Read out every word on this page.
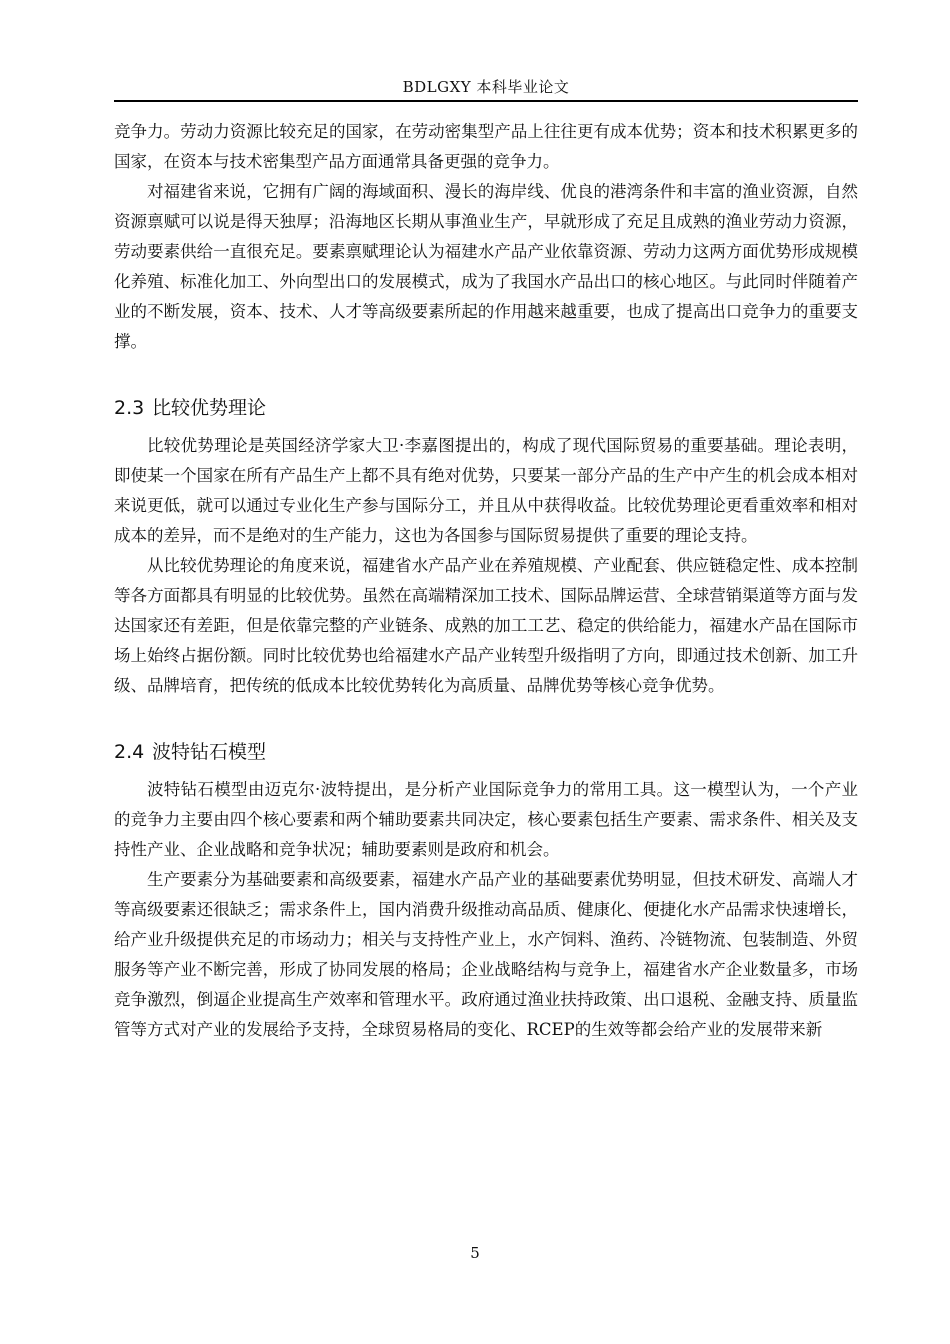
BDLGXY 本科毕业论文

竞争力。劳动力资源比较充足的国家，在劳动密集型产品上往往更有成本优势；资本和技术积累更多的国家，在资本与技术密集型产品方面通常具备更强的竞争力。

对福建省来说，它拥有广阔的海域面积、漫长的海岸线、优良的港湾条件和丰富的渔业资源，自然资源禀赋可以说是得天独厚；沿海地区长期从事渔业生产，早就形成了充足且成熟的渔业劳动力资源，劳动要素供给一直很充足。要素禀赋理论认为福建水产品产业依靠资源、劳动力这两方面优势形成规模化养殖、标准化加工、外向型出口的发展模式，成为了我国水产品出口的核心地区。与此同时伴随着产业的不断发展，资本、技术、人才等高级要素所起的作用越来越重要，也成了提高出口竞争力的重要支撑。

2.3 比较优势理论

比较优势理论是英国经济学家大卫·李嘉图提出的，构成了现代国际贸易的重要基础。理论表明，即使某一个国家在所有产品生产上都不具有绝对优势，只要某一部分产品的生产中产生的机会成本相对来说更低，就可以通过专业化生产参与国际分工，并且从中获得收益。比较优势理论更看重效率和相对成本的差异，而不是绝对的生产能力，这也为各国参与国际贸易提供了重要的理论支持。

从比较优势理论的角度来说，福建省水产品产业在养殖规模、产业配套、供应链稳定性、成本控制等各方面都具有明显的比较优势。虽然在高端精深加工技术、国际品牌运营、全球营销渠道等方面与发达国家还有差距，但是依靠完整的产业链条、成熟的加工工艺、稳定的供给能力，福建水产品在国际市场上始终占据份额。同时比较优势也给福建水产品产业转型升级指明了方向，即通过技术创新、加工升级、品牌培育，把传统的低成本比较优势转化为高质量、品牌优势等核心竞争优势。

2.4 波特钻石模型

波特钻石模型由迈克尔·波特提出，是分析产业国际竞争力的常用工具。这一模型认为，一个产业的竞争力主要由四个核心要素和两个辅助要素共同决定，核心要素包括生产要素、需求条件、相关及支持性产业、企业战略和竞争状况；辅助要素则是政府和机会。

生产要素分为基础要素和高级要素，福建水产品产业的基础要素优势明显，但技术研发、高端人才等高级要素还很缺乏；需求条件上，国内消费升级推动高品质、健康化、便捷化水产品需求快速增长，给产业升级提供充足的市场动力；相关与支持性产业上，水产饲料、渔药、冷链物流、包装制造、外贸服务等产业不断完善，形成了协同发展的格局；企业战略结构与竞争上，福建省水产企业数量多，市场竞争激烈，倒逼企业提高生产效率和管理水平。政府通过渔业扶持政策、出口退税、金融支持、质量监管等方式对产业的发展给予支持，全球贸易格局的变化、RCEP的生效等都会给产业的发展带来新

5
